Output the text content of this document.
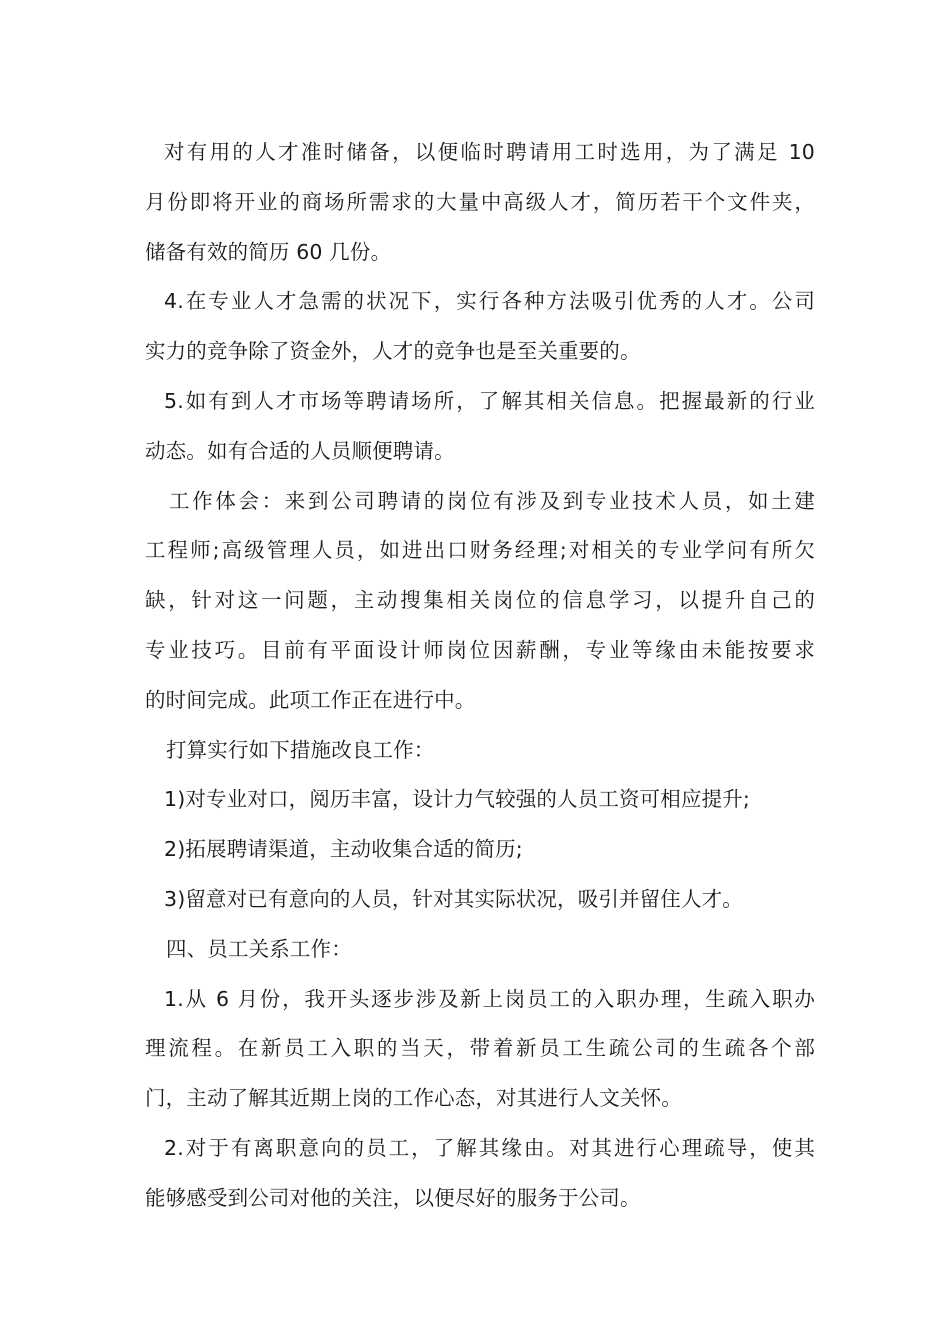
对有用的人才准时储备，以便临时聘请用工时选用，为了满足 10
月份即将开业的商场所需求的大量中高级人才，简历若干个文件夹，
储备有效的简历 60 几份。
4.在专业人才急需的状况下，实行各种方法吸引优秀的人才。公司
实力的竞争除了资金外，人才的竞争也是至关重要的。
5.如有到人才市场等聘请场所，了解其相关信息。把握最新的行业
动态。如有合适的人员顺便聘请。
工作体会：来到公司聘请的岗位有涉及到专业技术人员，如土建
工程师;高级管理人员，如进出口财务经理;对相关的专业学问有所欠
缺，针对这一问题，主动搜集相关岗位的信息学习，以提升自己的
专业技巧。目前有平面设计师岗位因薪酬，专业等缘由未能按要求
的时间完成。此项工作正在进行中。
打算实行如下措施改良工作：
1)对专业对口，阅历丰富，设计力气较强的人员工资可相应提升;
2)拓展聘请渠道，主动收集合适的简历;
3)留意对已有意向的人员，针对其实际状况，吸引并留住人才。
四、员工关系工作：
1.从 6 月份，我开头逐步涉及新上岗员工的入职办理，生疏入职办
理流程。在新员工入职的当天，带着新员工生疏公司的生疏各个部
门，主动了解其近期上岗的工作心态，对其进行人文关怀。
2.对于有离职意向的员工，了解其缘由。对其进行心理疏导，使其
能够感受到公司对他的关注，以便尽好的服务于公司。
